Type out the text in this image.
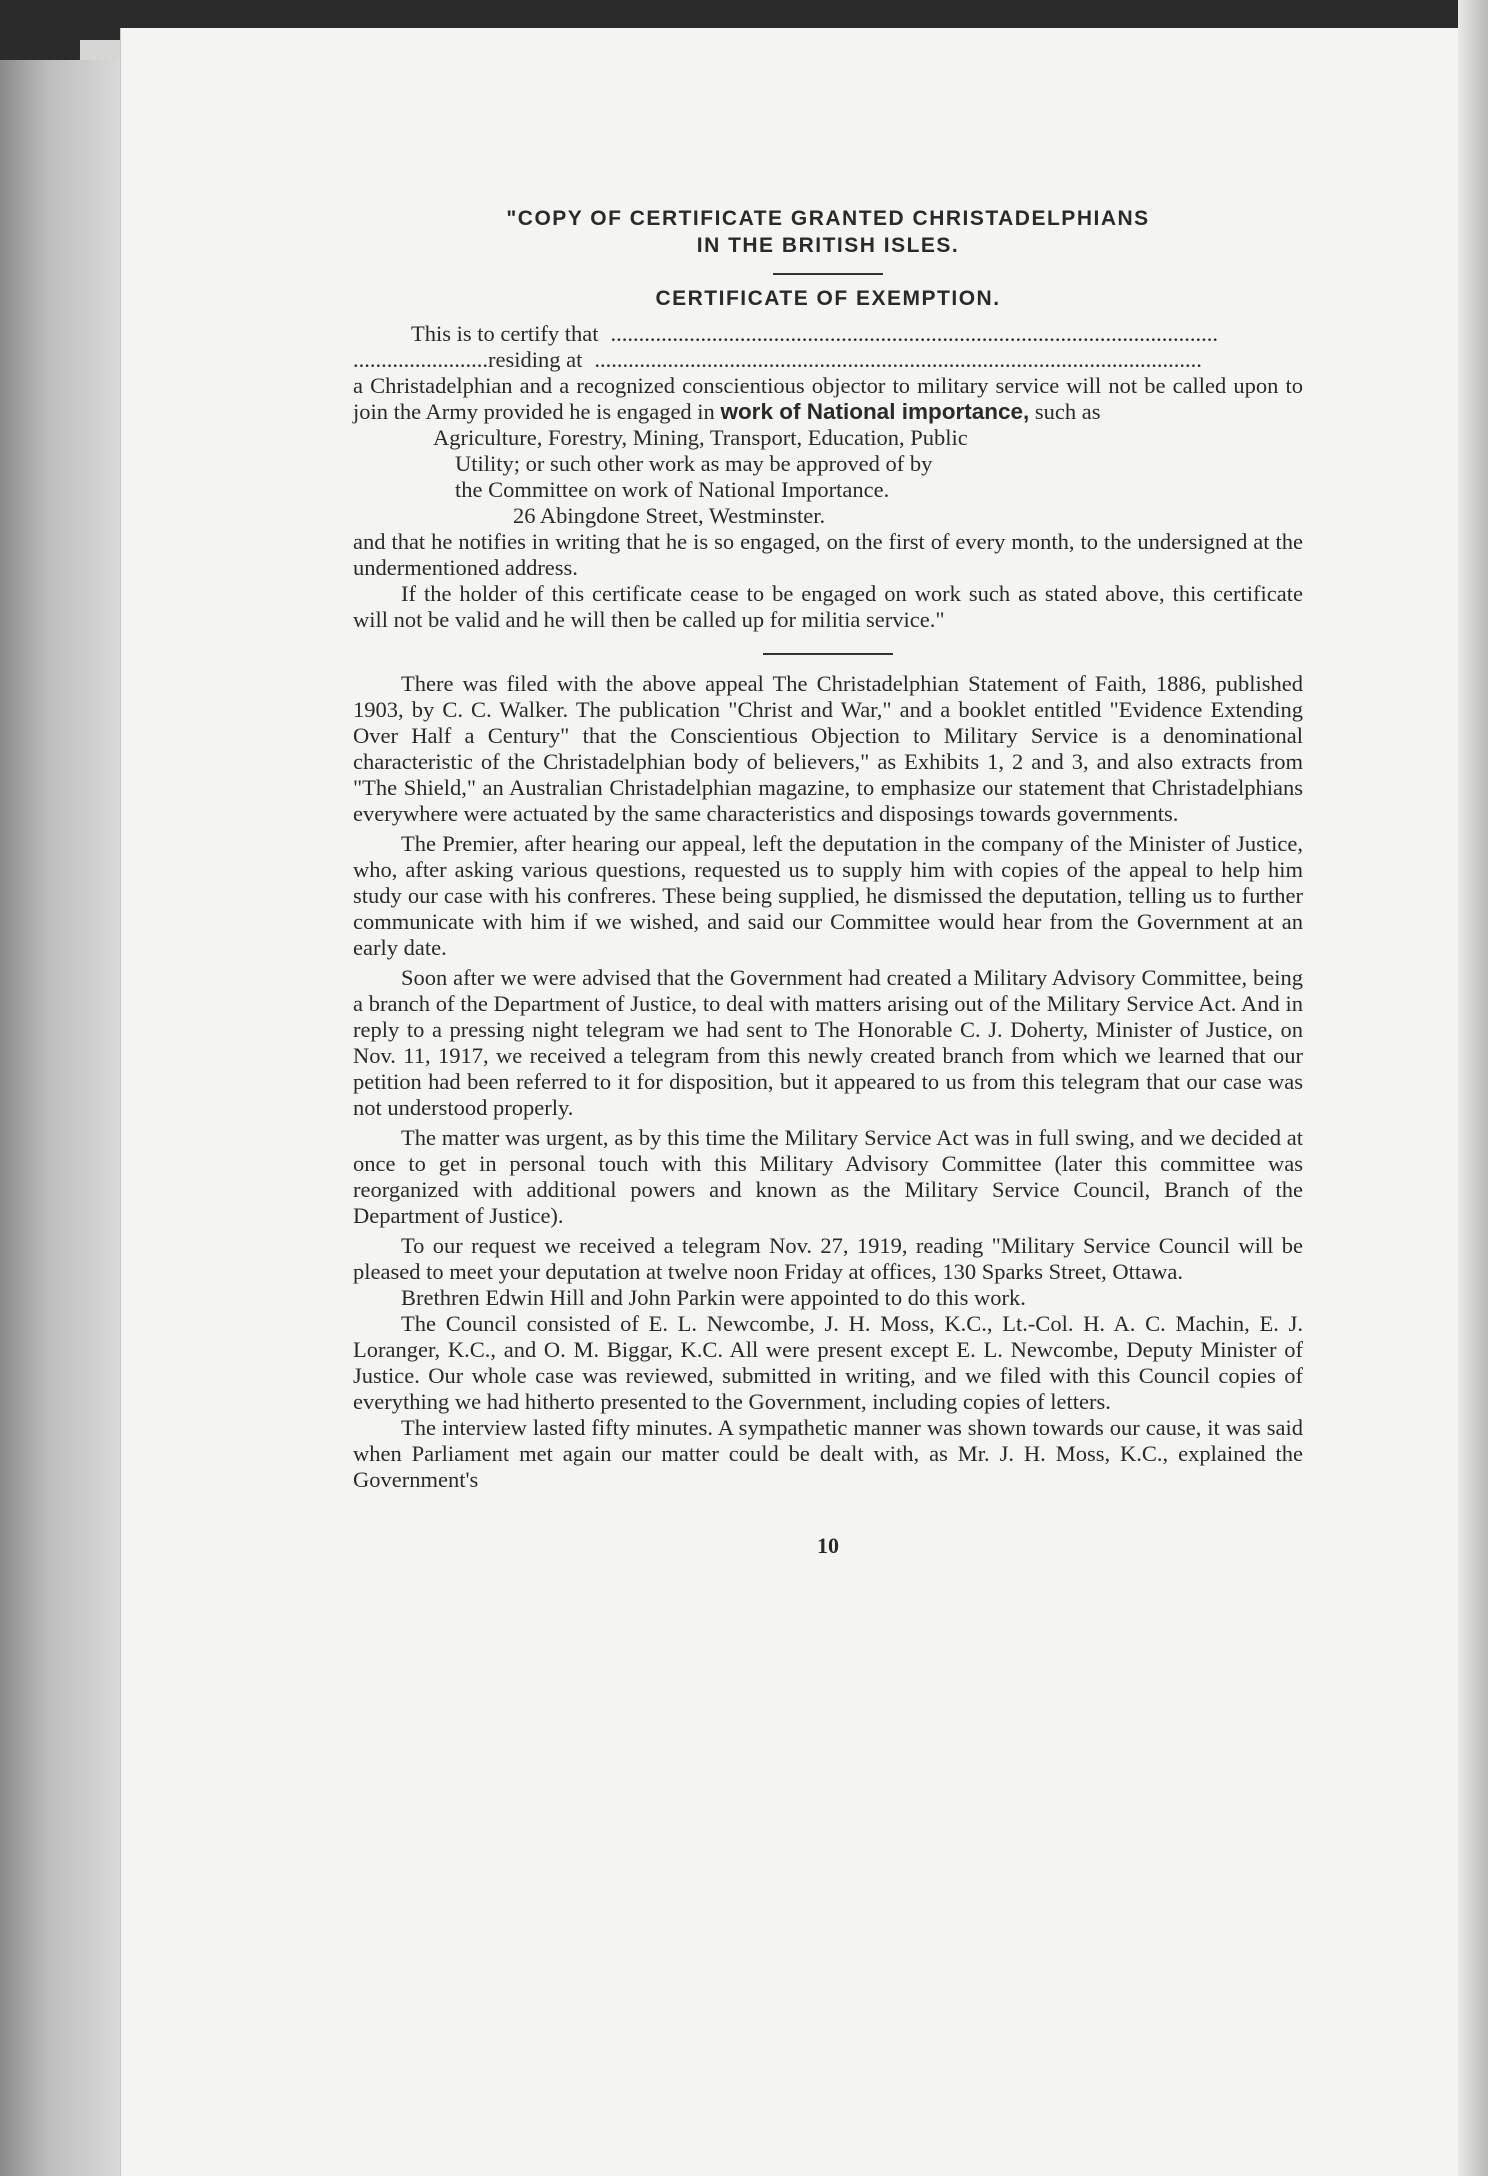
"COPY OF CERTIFICATE GRANTED CHRISTADELPHIANS
IN THE BRITISH ISLES.
CERTIFICATE OF EXEMPTION.
This is to certify that ............................................................................................................
........................ residing at ............................................................................................................

a Christadelphian and a recognized conscientious objector to military service will not be called upon to join the Army provided he is engaged in work of National importance, such as

Agriculture, Forestry, Mining, Transport, Education, Public
Utility; or such other work as may be approved of by
the Committee on work of National Importance.
26 Abingdone Street, Westminster.

and that he notifies in writing that he is so engaged, on the first of every month, to the undersigned at the undermentioned address.

If the holder of this certificate cease to be engaged on work such as stated above, this certificate will not be valid and he will then be called up for militia service."

There was filed with the above appeal The Christadelphian Statement of Faith, 1886, published 1903, by C. C. Walker. The publication "Christ and War," and a booklet entitled "Evidence Extending Over Half a Century" that the Conscientious Objection to Military Service is a denominational characteristic of the Christadelphian body of believers," as Exhibits 1, 2 and 3, and also extracts from "The Shield," an Australian Christadelphian magazine, to emphasize our statement that Christadelphians everywhere were actuated by the same characteristics and disposings towards governments.

The Premier, after hearing our appeal, left the deputation in the company of the Minister of Justice, who, after asking various questions, requested us to supply him with copies of the appeal to help him study our case with his confreres. These being supplied, he dismissed the deputation, telling us to further communicate with him if we wished, and said our Committee would hear from the Government at an early date.

Soon after we were advised that the Government had created a Military Advisory Committee, being a branch of the Department of Justice, to deal with matters arising out of the Military Service Act. And in reply to a pressing night telegram we had sent to The Honorable C. J. Doherty, Minister of Justice, on Nov. 11, 1917, we received a telegram from this newly created branch from which we learned that our petition had been referred to it for disposition, but it appeared to us from this telegram that our case was not understood properly.

The matter was urgent, as by this time the Military Service Act was in full swing, and we decided at once to get in personal touch with this Military Advisory Committee (later this committee was reorganized with additional powers and known as the Military Service Council, Branch of the Department of Justice).

To our request we received a telegram Nov. 27, 1919, reading "Military Service Council will be pleased to meet your deputation at twelve noon Friday at offices, 130 Sparks Street, Ottawa.

Brethren Edwin Hill and John Parkin were appointed to do this work.

The Council consisted of E. L. Newcombe, J. H. Moss, K.C., Lt.-Col. H. A. C. Machin, E. J. Loranger, K.C., and O. M. Biggar, K.C. All were present except E. L. Newcombe, Deputy Minister of Justice. Our whole case was reviewed, submitted in writing, and we filed with this Council copies of everything we had hitherto presented to the Government, including copies of letters.

The interview lasted fifty minutes. A sympathetic manner was shown towards our cause, it was said when Parliament met again our matter could be dealt with, as Mr. J. H. Moss, K.C., explained the Government's

10
